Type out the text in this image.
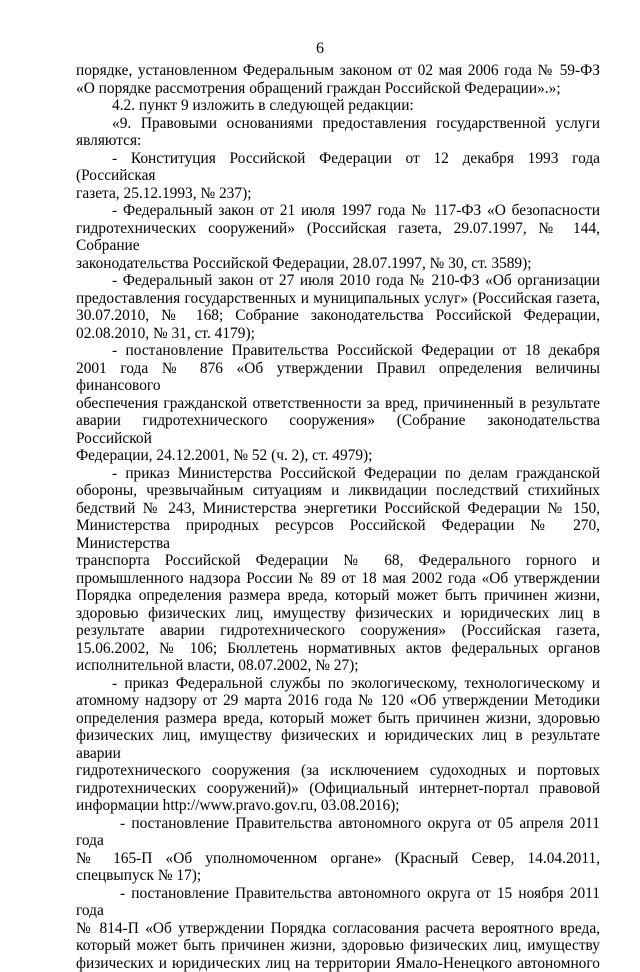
6

порядке, установленном Федеральным законом от 02 мая 2006 года № 59-ФЗ

«О порядке рассмотрения обращений граждан Российской Федерации».»;

4.2. пункт 9 изложить в следующей редакции:

«9. Правовыми основаниями предоставления государственной услуги

являются:

- Конституция Российской Федерации от 12 декабря 1993 года (Российская

газета, 25.12.1993, № 237);

- Федеральный закон от 21 июля 1997 года № 117-ФЗ «О безопасности

гидротехнических сооружений» (Российская газета, 29.07.1997, № 144, Собрание

законодательства Российской Федерации, 28.07.1997, № 30, ст. 3589);

- Федеральный закон от 27 июля 2010 года № 210-ФЗ «Об организации

предоставления государственных и муниципальных услуг» (Российская газета,

30.07.2010, № 168; Собрание законодательства Российской Федерации,

02.08.2010, № 31, ст. 4179);

- постановление Правительства Российской Федерации от 18 декабря

2001 года № 876 «Об утверждении Правил определения величины финансового

обеспечения гражданской ответственности за вред, причиненный в результате

аварии гидротехнического сооружения» (Собрание законодательства Российской

Федерации, 24.12.2001, № 52 (ч. 2), ст. 4979);

- приказ Министерства Российской Федерации по делам гражданской

обороны, чрезвычайным ситуациям и ликвидации последствий стихийных

бедствий № 243, Министерства энергетики Российской Федерации № 150,

Министерства природных ресурсов Российской Федерации № 270, Министерства

транспорта Российской Федерации № 68, Федерального горного и

промышленного надзора России № 89 от 18 мая 2002 года «Об утверждении

Порядка определения размера вреда, который может быть причинен жизни,

здоровью физических лиц, имуществу физических и юридических лиц в

результате аварии гидротехнического сооружения» (Российская газета,

15.06.2002, № 106; Бюллетень нормативных актов федеральных органов

исполнительной власти, 08.07.2002, № 27);

- приказ Федеральной службы по экологическому, технологическому и

атомному надзору от 29 марта 2016 года № 120 «Об утверждении Методики

определения размера вреда, который может быть причинен жизни, здоровью

физических лиц, имуществу физических и юридических лиц в результате аварии

гидротехнического сооружения (за исключением судоходных и портовых

гидротехнических сооружений)» (Официальный интернет-портал правовой

информации http://www.pravo.gov.ru, 03.08.2016);

- постановление Правительства автономного округа от 05 апреля 2011 года

№ 165-П «Об уполномоченном органе» (Красный Север, 14.04.2011,

спецвыпуск № 17);

- постановление Правительства автономного округа от 15 ноября 2011 года

№ 814-П «Об утверждении Порядка согласования расчета вероятного вреда,

который может быть причинен жизни, здоровью физических лиц, имуществу

физических и юридических лиц на территории Ямало-Ненецкого автономного
